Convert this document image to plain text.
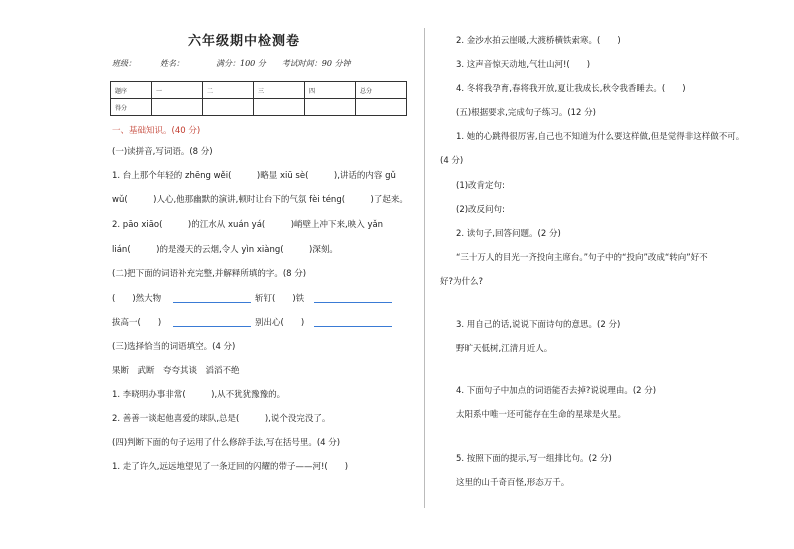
六年级期中检测卷
班级：　　　姓名：　　　　满分：100 分　　考试时间：90 分钟
题序	一	二	三	四	总分
得分					
一、基础知识。(40 分)
(一)读拼音,写词语。(8 分)
1. 台上那个年轻的 zhēng wěi(　　　)略显 xiū sè(　　　),讲话的内容 gǔ
wǔ(　　　)人心,他那幽默的演讲,顿时让台下的气氛 fèi téng(　　　)了起来。
2. pāo xiāo(　　　)的江水从 xuán yá(　　　)峭壁上冲下来,映入 yǎn
lián(　　　)的是漫天的云烟,令人 yìn xiàng(　　　)深刻。
(二)把下面的词语补充完整,并解释所填的字。(8 分)
(　　)然大物	斩钉(　　)铁
拔高一(　　)	别出心(　　)
(三)选择恰当的词语填空。(4 分)
果断　武断　夸夸其谈　滔滔不绝
1. 李晓明办事非常(　　　),从不犹犹豫豫的。
2. 善善一谈起他喜爱的球队,总是(　　　),说个没完没了。
(四)判断下面的句子运用了什么修辞手法,写在括号里。(4 分)
1. 走了许久,远远地望见了一条迂回的闪耀的带子——河!(　　)
2. 金沙水拍云崖暖,大渡桥横铁索寒。(　　)
3. 这声音惊天动地,气壮山河!(　　)
4. 冬将我孕育,春将我开放,夏让我成长,秋令我香睡去。(　　)
(五)根据要求,完成句子练习。(12 分)
1. 她的心跳得很厉害,自己也不知道为什么要这样做,但是觉得非这样做不可。
(4 分)
(1)改肯定句:
(2)改反问句:
2. 读句子,回答问题。(2 分)
“三十万人的目光一齐投向主席台。”句子中的“投向”改成“转向”好不
好?为什么?
3. 用自己的话,说说下面诗句的意思。(2 分)
野旷天低树,江清月近人。
4. 下面句子中加点的词语能否去掉?说说理由。(2 分)
太阳系中唯一还可能存在生命的星球是火星。
5. 按照下面的提示,写一组排比句。(2 分)
这里的山千奇百怪,形态万千。
